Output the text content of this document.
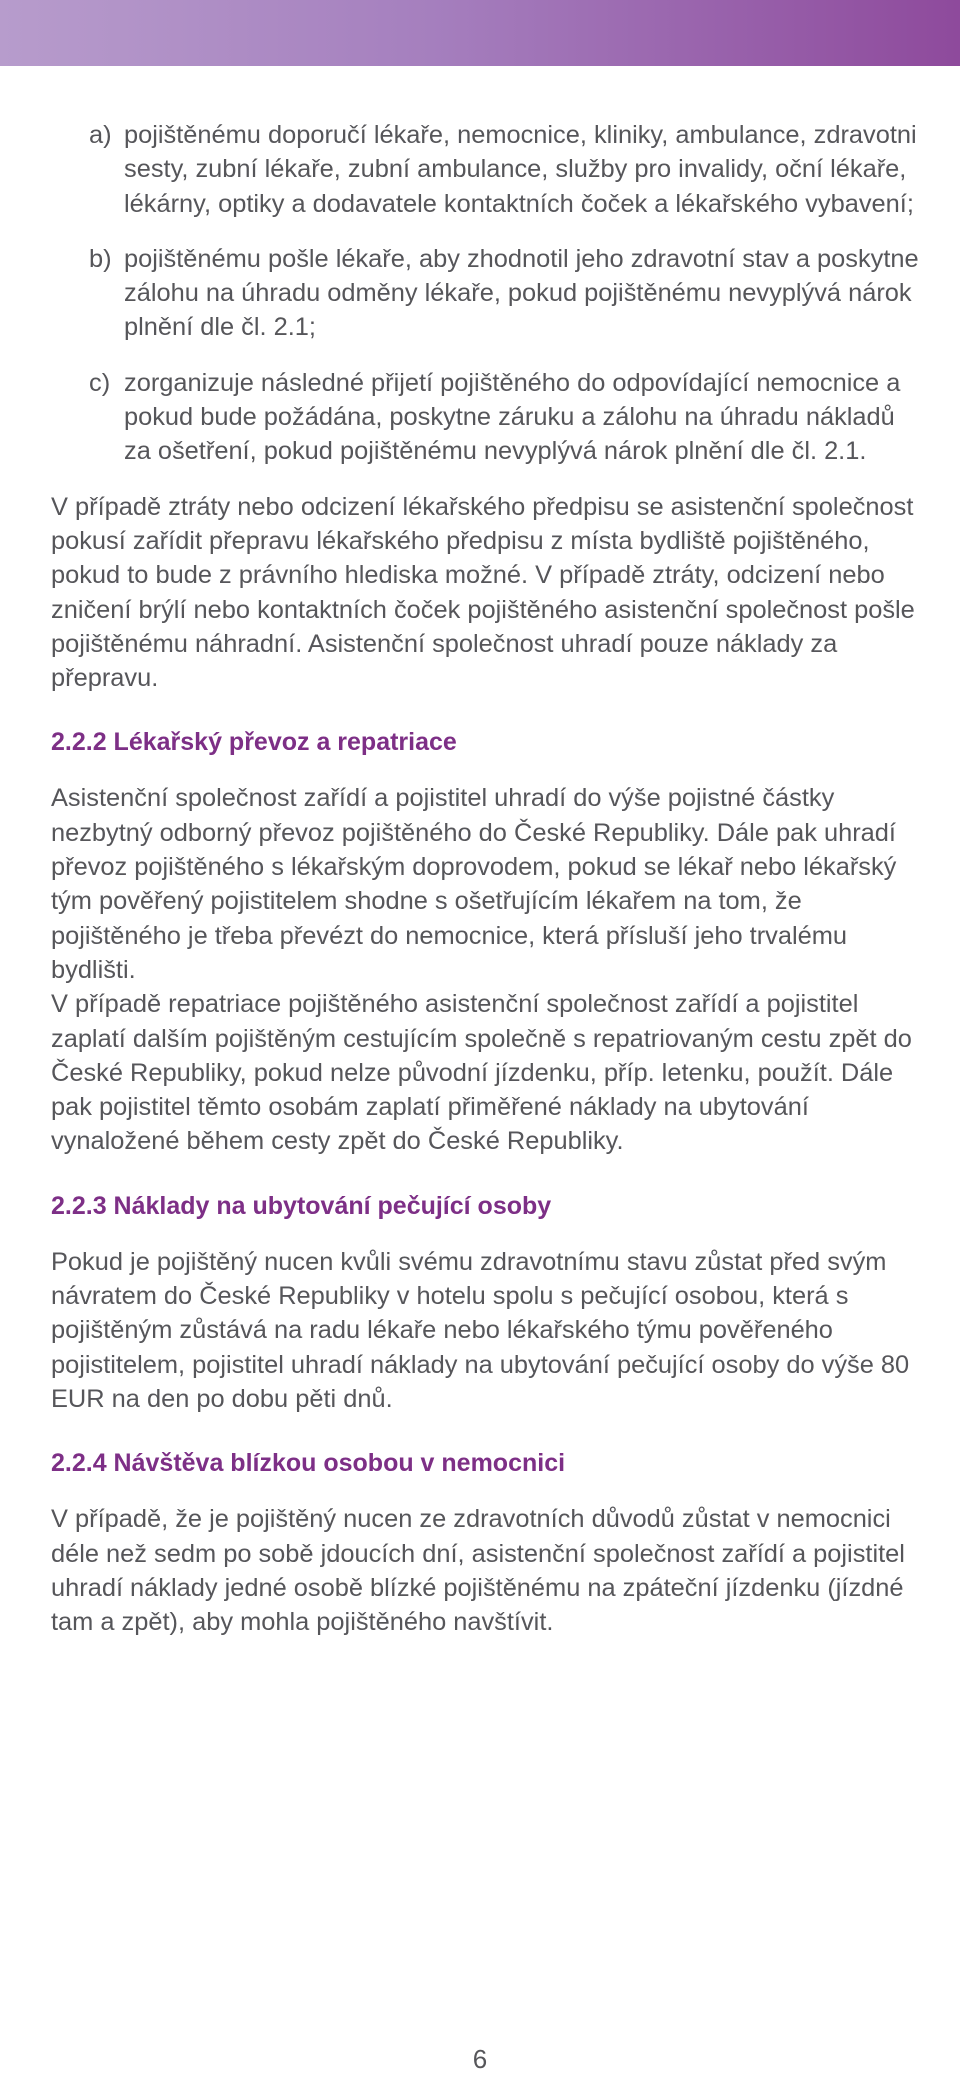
a) pojištěnému doporučí lékaře, nemocnice, kliniky, ambulance, zdravotni sesty, zubní lékaře, zubní ambulance, služby pro invalidy, oční lékaře, lékárny, optiky a dodavatele kontaktních čoček a lékařského vybavení;
b) pojištěnému pošle lékaře, aby zhodnotil jeho zdravotní stav a poskytne zálohu na úhradu odměny lékaře, pokud pojištěnému nevyplývá nárok plnění dle čl. 2.1;
c) zorganizuje následné přijetí pojištěného do odpovídající nemocnice a pokud bude požádána, poskytne záruku a zálohu na úhradu nákladů za ošetření, pokud pojištěnému nevyplývá nárok plnění dle čl. 2.1.

V případě ztráty nebo odcizení lékařského předpisu se asistenční společnost pokusí zařídit přepravu lékařského předpisu z místa bydliště pojištěného, pokud to bude z právního hlediska možné. V případě ztráty, odcizení nebo zničení brýlí nebo kontaktních čoček pojištěného asistenční společnost pošle pojištěnému náhradní. Asistenční společnost uhradí pouze náklady za přepravu.

2.2.2 Lékařský převoz a repatriace

Asistenční společnost zařídí a pojistitel uhradí do výše pojistné částky nezbytný odborný převoz pojištěného do České Republiky. Dále pak uhradí převoz pojištěného s lékařským doprovodem, pokud se lékař nebo lékařský tým pověřený pojistitelem shodne s ošetřujícím lékařem na tom, že pojištěného je třeba převézt do nemocnice, která přísluší jeho trvalému bydlišti.

V případě repatriace pojištěného asistenční společnost zařídí a pojistitel zaplatí dalším pojištěným cestujícím společně s repatriovaným cestu zpět do České Republiky, pokud nelze původní jízdenku, příp. letenku, použít. Dále pak pojistitel těmto osobám zaplatí přiměřené náklady na ubytování vynaložené během cesty zpět do České Republiky.

2.2.3 Náklady na ubytování pečující osoby

Pokud je pojištěný nucen kvůli svému zdravotnímu stavu zůstat před svým návratem do České Republiky v hotelu spolu s pečující osobou, která s pojištěným zůstává na radu lékaře nebo lékařského týmu pověřeného pojistitelem, pojistitel uhradí náklady na ubytování pečující osoby do výše 80 EUR na den po dobu pěti dnů.

2.2.4 Návštěva blízkou osobou v nemocnici

V případě, že je pojištěný nucen ze zdravotních důvodů zůstat v nemocnici déle než sedm po sobě jdoucích dní, asistenční společnost zařídí a pojistitel uhradí náklady jedné osobě blízké pojištěnému na zpáteční jízdenku (jízdné tam a zpět), aby mohla pojištěného navštívit.

6
